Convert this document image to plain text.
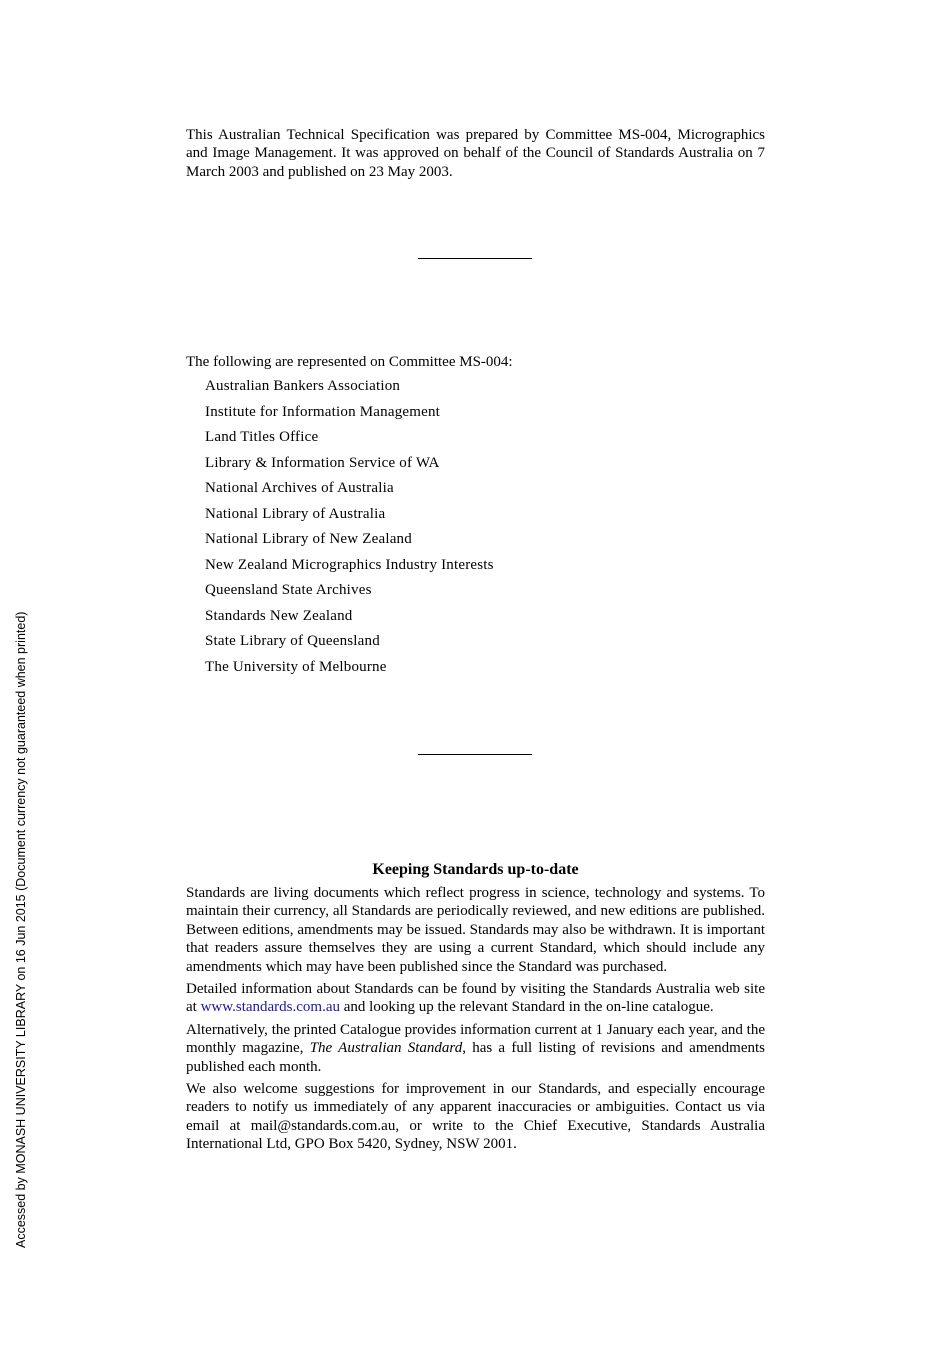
This Australian Technical Specification was prepared by Committee MS-004, Micrographics and Image Management. It was approved on behalf of the Council of Standards Australia on 7 March 2003 and published on 23 May 2003.

The following are represented on Committee MS-004:

Australian Bankers Association
Institute for Information Management
Land Titles Office
Library & Information Service of WA
National Archives of Australia
National Library of Australia
National Library of New Zealand
New Zealand Micrographics Industry Interests
Queensland State Archives
Standards New Zealand
State Library of Queensland
The University of Melbourne
Keeping Standards up-to-date

Standards are living documents which reflect progress in science, technology and systems. To maintain their currency, all Standards are periodically reviewed, and new editions are published. Between editions, amendments may be issued. Standards may also be withdrawn. It is important that readers assure themselves they are using a current Standard, which should include any amendments which may have been published since the Standard was purchased.

Detailed information about Standards can be found by visiting the Standards Australia web site at www.standards.com.au and looking up the relevant Standard in the on-line catalogue.

Alternatively, the printed Catalogue provides information current at 1 January each year, and the monthly magazine, The Australian Standard, has a full listing of revisions and amendments published each month.

We also welcome suggestions for improvement in our Standards, and especially encourage readers to notify us immediately of any apparent inaccuracies or ambiguities. Contact us via email at mail@standards.com.au, or write to the Chief Executive, Standards Australia International Ltd, GPO Box 5420, Sydney, NSW 2001.

Accessed by MONASH UNIVERSITY LIBRARY on 16 Jun 2015 (Document currency not guaranteed when printed)
